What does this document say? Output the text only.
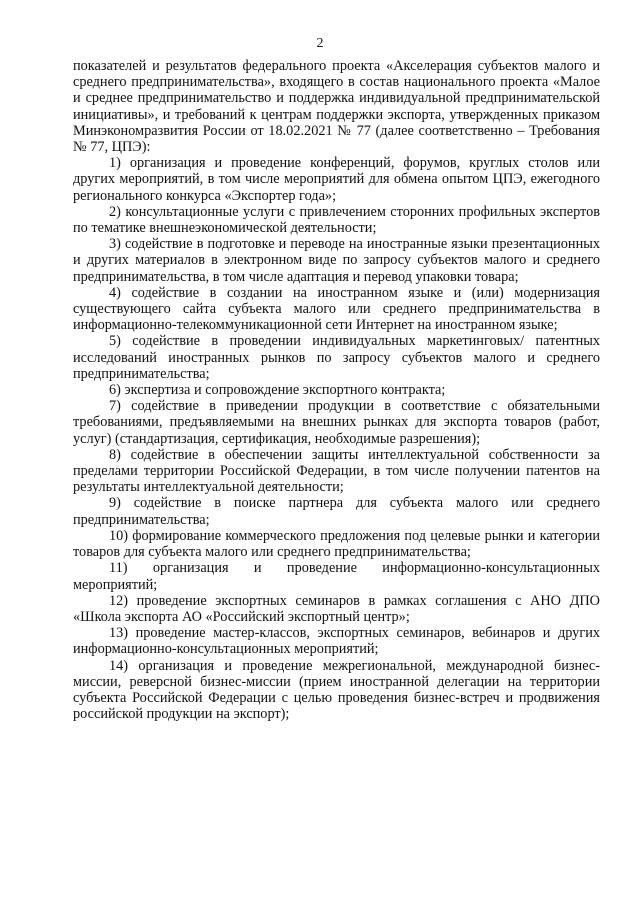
2

показателей и результатов федерального проекта «Акселерация субъектов малого и среднего предпринимательства», входящего в состав национального проекта «Малое и среднее предпринимательство и поддержка индивидуальной предпринимательской инициативы», и требований к центрам поддержки экспорта, утвержденных приказом Минэкономразвития России от 18.02.2021 № 77 (далее соответственно – Требования № 77, ЦПЭ):

1) организация и проведение конференций, форумов, круглых столов или других мероприятий, в том числе мероприятий для обмена опытом ЦПЭ, ежегодного регионального конкурса «Экспортер года»;

2) консультационные услуги с привлечением сторонних профильных экспертов по тематике внешнеэкономической деятельности;

3) содействие в подготовке и переводе на иностранные языки презентационных и других материалов в электронном виде по запросу субъектов малого и среднего предпринимательства, в том числе адаптация и перевод упаковки товара;

4) содействие в создании на иностранном языке и (или) модернизация существующего сайта субъекта малого или среднего предпринимательства в информационно-телекоммуникационной сети Интернет на иностранном языке;

5) содействие в проведении индивидуальных маркетинговых/ патентных исследований иностранных рынков по запросу субъектов малого и среднего предпринимательства;

6) экспертиза и сопровождение экспортного контракта;

7) содействие в приведении продукции в соответствие с обязательными требованиями, предъявляемыми на внешних рынках для экспорта товаров (работ, услуг) (стандартизация, сертификация, необходимые разрешения);

8) содействие в обеспечении защиты интеллектуальной собственности за пределами территории Российской Федерации, в том числе получении патентов на результаты интеллектуальной деятельности;

9) содействие в поиске партнера для субъекта малого или среднего предпринимательства;

10) формирование коммерческого предложения под целевые рынки и категории товаров для субъекта малого или среднего предпринимательства;

11) организация и проведение информационно-консультационных мероприятий;

12) проведение экспортных семинаров в рамках соглашения с АНО ДПО «Школа экспорта АО «Российский экспортный центр»;

13) проведение мастер-классов, экспортных семинаров, вебинаров и других информационно-консультационных мероприятий;

14) организация и проведение межрегиональной, международной бизнес-миссии, реверсной бизнес-миссии (прием иностранной делегации на территории субъекта Российской Федерации с целью проведения бизнес-встреч и продвижения российской продукции на экспорт);
